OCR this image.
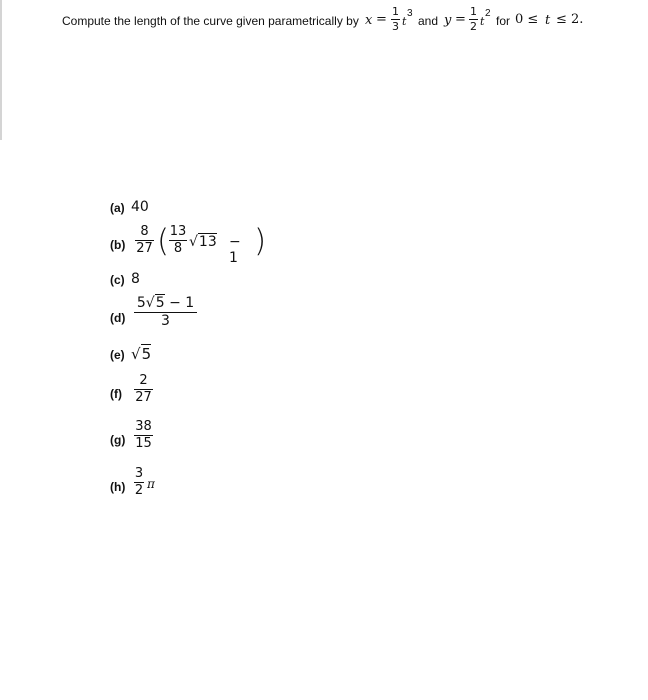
Compute the length of the curve given parametrically by x =
1
3 t
3
and y =
1
2 t
2
for 0 ≤ t ≤ 2.
(a) 40
(b)
8
27 ( 13
8 √13 − 1 )
(c) 8
(d)
5√5 − 1
3
(e) √5
(f)
2
27
(g)
38
15
(h)
3
2 π
